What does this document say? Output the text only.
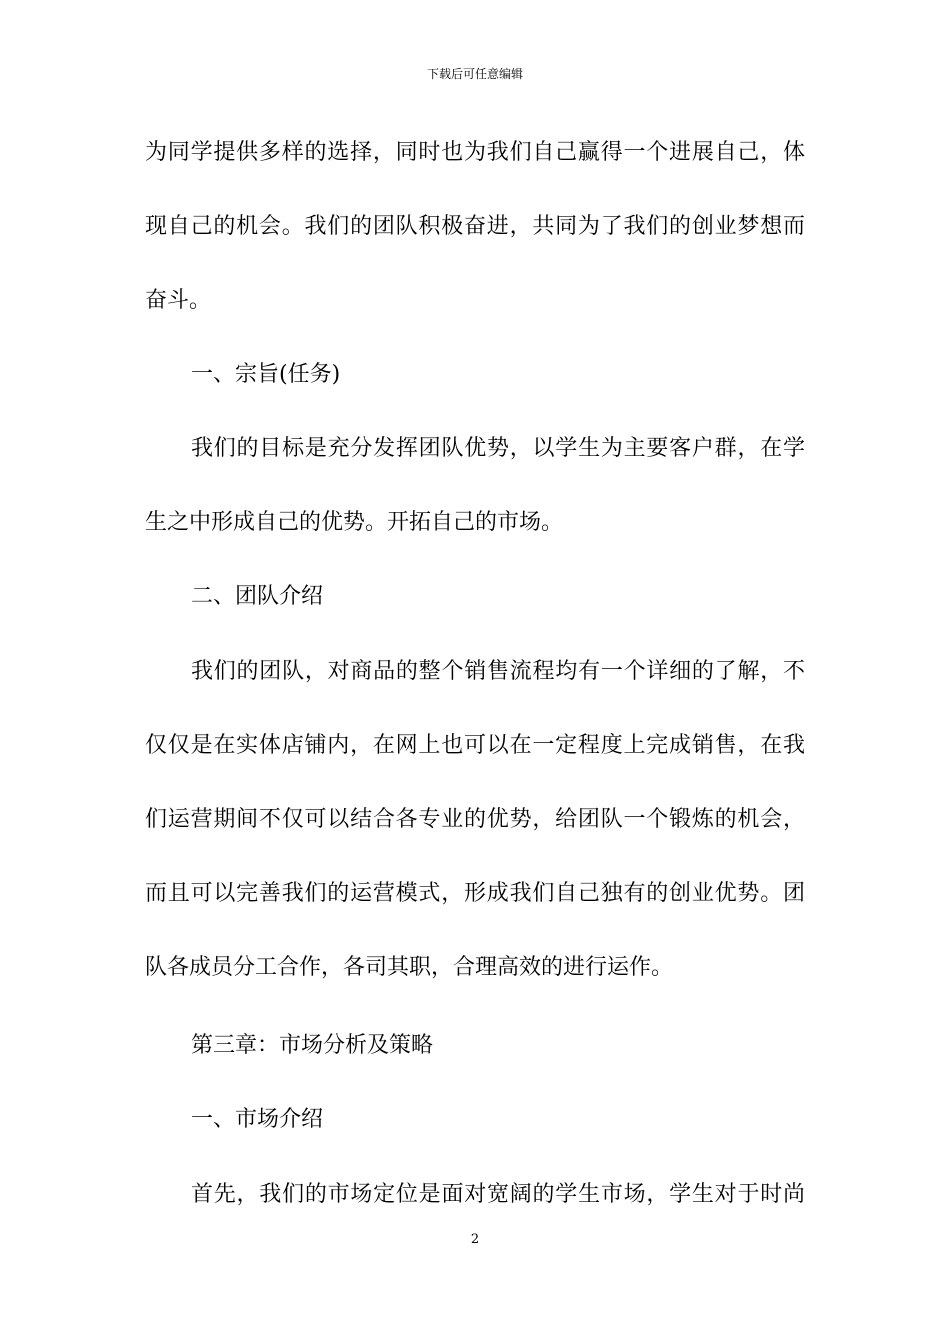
下载后可任意编辑
为同学提供多样的选择，同时也为我们自己赢得一个进展自己，体
现自己的机会。我们的团队积极奋进，共同为了我们的创业梦想而
奋斗。
一、宗旨(任务)
我们的目标是充分发挥团队优势，以学生为主要客户群，在学
生之中形成自己的优势。开拓自己的市场。
二、团队介绍
我们的团队，对商品的整个销售流程均有一个详细的了解，不
仅仅是在实体店铺内，在网上也可以在一定程度上完成销售，在我
们运营期间不仅可以结合各专业的优势，给团队一个锻炼的机会，
而且可以完善我们的运营模式，形成我们自己独有的创业优势。团
队各成员分工合作，各司其职，合理高效的进行运作。
第三章：市场分析及策略
一、市场介绍
首先，我们的市场定位是面对宽阔的学生市场，学生对于时尚
2
